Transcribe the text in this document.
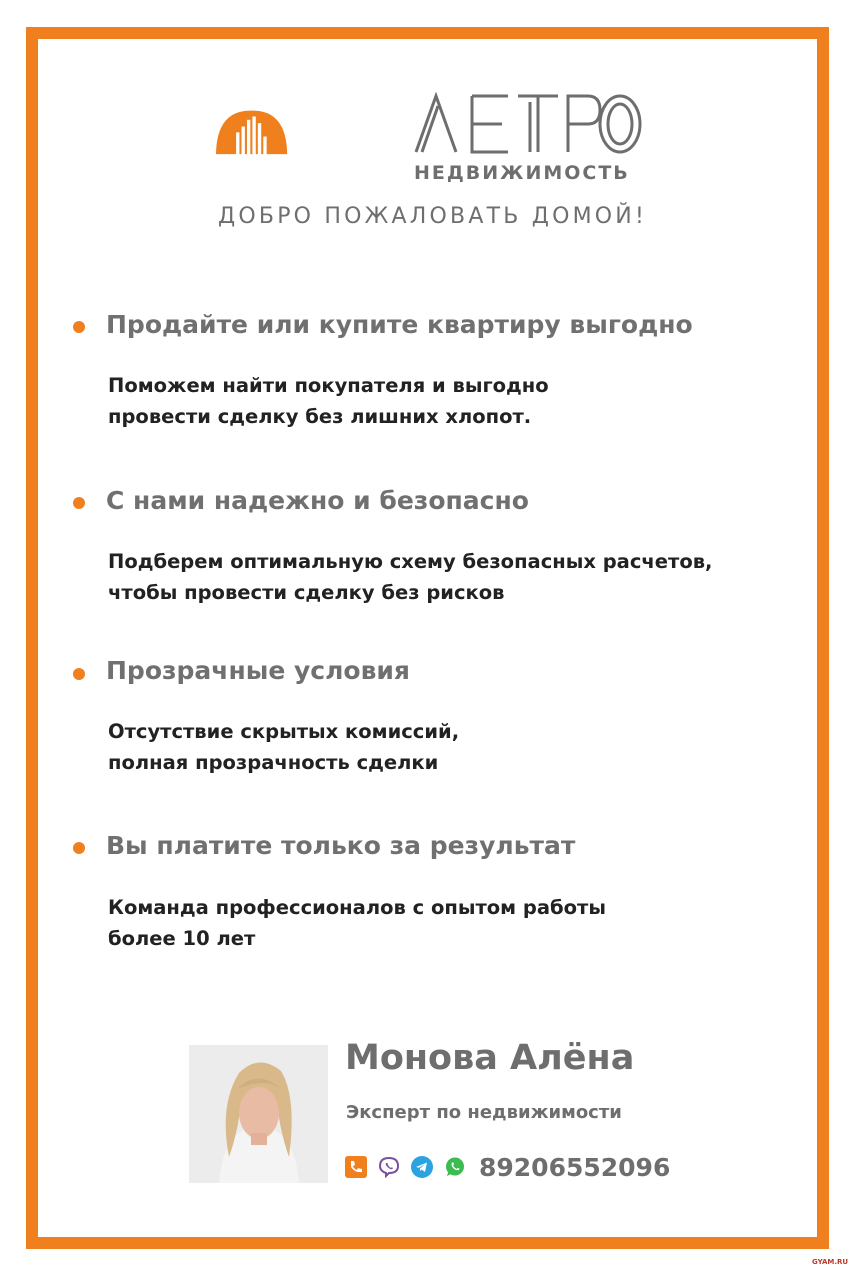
НЕДВИЖИМОСТЬ
ДОБРО ПОЖАЛОВАТЬ ДОМОЙ!
Продайте или купите квартиру выгодно
Поможем найти покупателя и выгодно
провести сделку без лишних хлопот.
С нами надежно и безопасно
Подберем оптимальную схему безопасных расчетов,
чтобы провести сделку без рисков
Прозрачные условия
Отсутствие скрытых комиссий,
полная прозрачность сделки
Вы платите только за результат
Команда профессионалов с опытом работы
более 10 лет
Монова Алёна
Эксперт по недвижимости
89206552096
GYAM.RU
